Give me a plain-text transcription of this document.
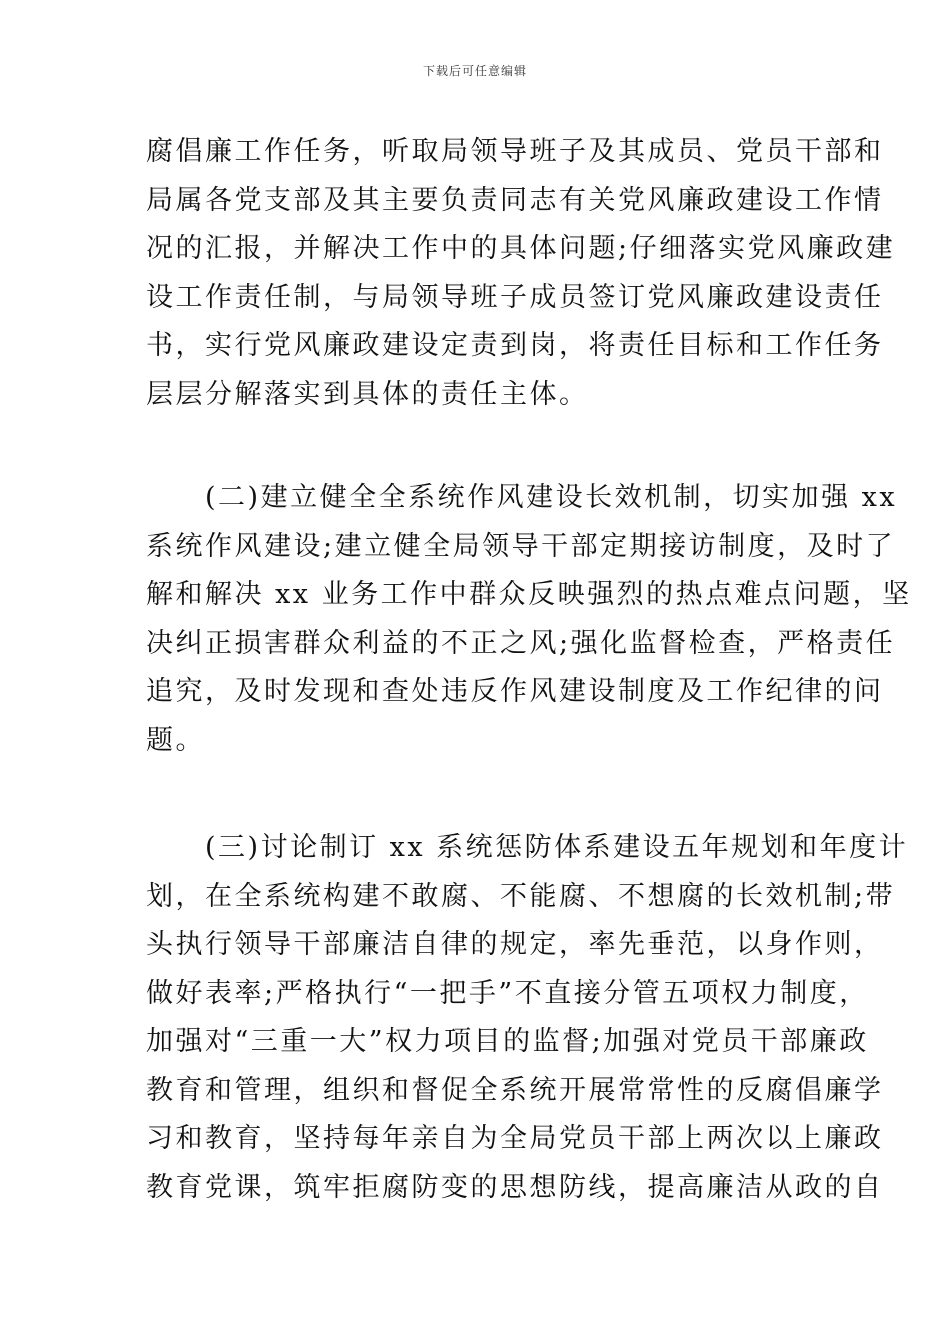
下载后可任意编辑
腐倡廉工作任务，听取局领导班子及其成员、党员干部和
局属各党支部及其主要负责同志有关党风廉政建设工作情
况的汇报，并解决工作中的具体问题;仔细落实党风廉政建
设工作责任制，与局领导班子成员签订党风廉政建设责任
书，实行党风廉政建设定责到岗，将责任目标和工作任务
层层分解落实到具体的责任主体。
　　(二)建立健全全系统作风建设长效机制，切实加强 xx
系统作风建设;建立健全局领导干部定期接访制度，及时了
解和解决 xx 业务工作中群众反映强烈的热点难点问题，坚
决纠正损害群众利益的不正之风;强化监督检查，严格责任
追究，及时发现和查处违反作风建设制度及工作纪律的问
题。
　　(三)讨论制订 xx 系统惩防体系建设五年规划和年度计
划，在全系统构建不敢腐、不能腐、不想腐的长效机制;带
头执行领导干部廉洁自律的规定，率先垂范，以身作则，
做好表率;严格执行“一把手”不直接分管五项权力制度，
加强对“三重一大”权力项目的监督;加强对党员干部廉政
教育和管理，组织和督促全系统开展常常性的反腐倡廉学
习和教育，坚持每年亲自为全局党员干部上两次以上廉政
教育党课，筑牢拒腐防变的思想防线，提高廉洁从政的自
